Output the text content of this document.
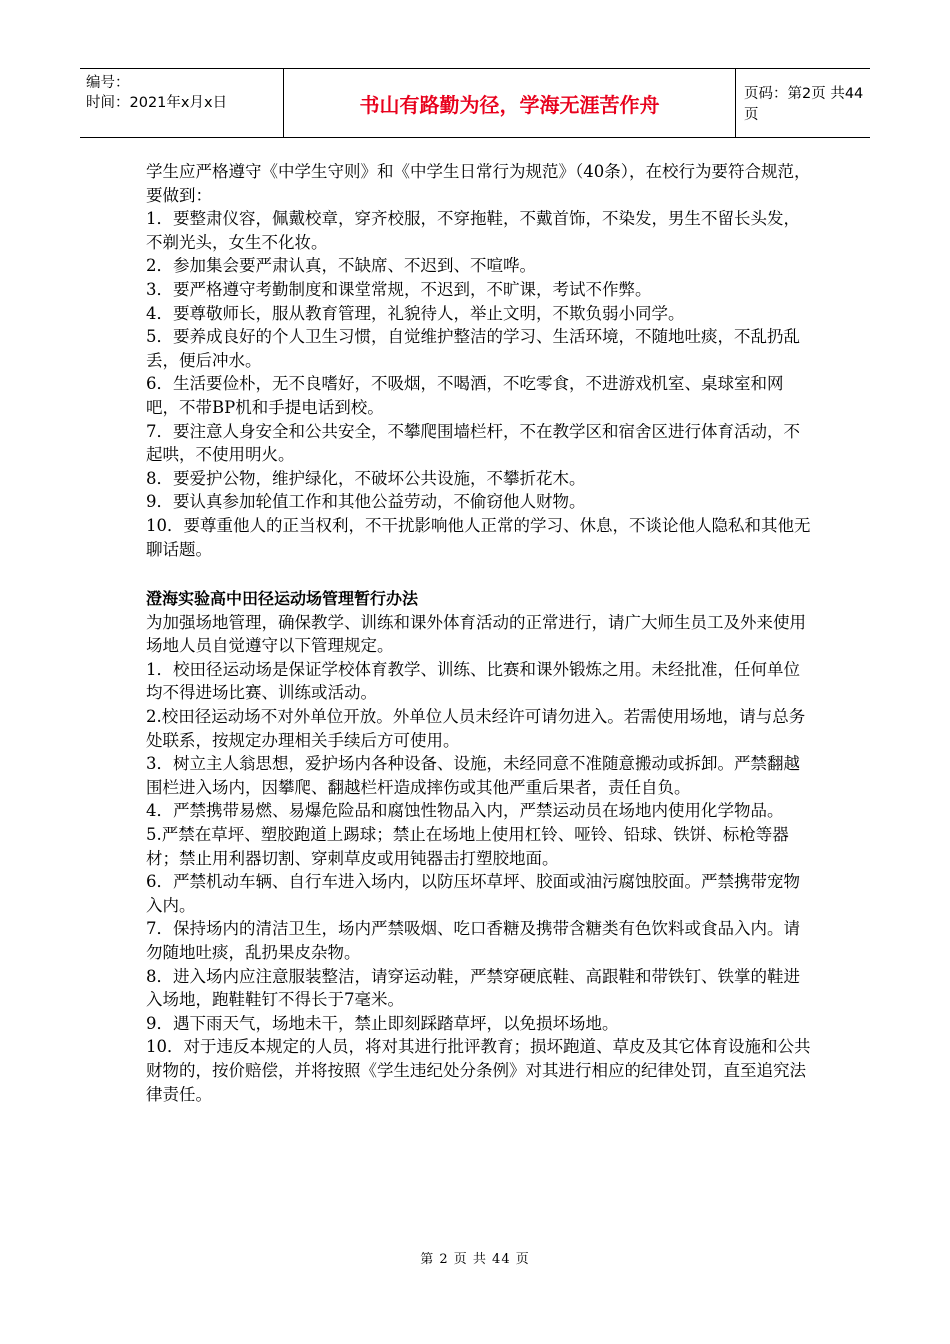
编号：
时间：2021年x月x日	书山有路勤为径，学海无涯苦作舟	页码：第2页 共44页

学生应严格遵守《中学生守则》和《中学生日常行为规范》（40条），在校行为要符合规范，要做到：

1．要整肃仪容，佩戴校章，穿齐校服，不穿拖鞋，不戴首饰，不染发，男生不留长头发，不剃光头，女生不化妆。

2．参加集会要严肃认真，不缺席、不迟到、不喧哗。

3．要严格遵守考勤制度和课堂常规，不迟到，不旷课，考试不作弊。

4．要尊敬师长，服从教育管理，礼貌待人，举止文明，不欺负弱小同学。

5．要养成良好的个人卫生习惯，自觉维护整洁的学习、生活环境，不随地吐痰，不乱扔乱丢，便后冲水。

6．生活要俭朴，无不良嗜好，不吸烟，不喝酒，不吃零食，不进游戏机室、桌球室和网吧，不带BP机和手提电话到校。

7．要注意人身安全和公共安全，不攀爬围墙栏杆，不在教学区和宿舍区进行体育活动，不起哄，不使用明火。

8．要爱护公物，维护绿化，不破坏公共设施，不攀折花木。

9．要认真参加轮值工作和其他公益劳动，不偷窃他人财物。

10．要尊重他人的正当权利，不干扰影响他人正常的学习、休息，不谈论他人隐私和其他无聊话题。

澄海实验高中田径运动场管理暂行办法

为加强场地管理，确保教学、训练和课外体育活动的正常进行，请广大师生员工及外来使用场地人员自觉遵守以下管理规定。

1．校田径运动场是保证学校体育教学、训练、比赛和课外锻炼之用。未经批准，任何单位均不得进场比赛、训练或活动。

2.校田径运动场不对外单位开放。外单位人员未经许可请勿进入。若需使用场地，请与总务处联系，按规定办理相关手续后方可使用。

3．树立主人翁思想，爱护场内各种设备、设施，未经同意不准随意搬动或拆卸。严禁翻越围栏进入场内，因攀爬、翻越栏杆造成摔伤或其他严重后果者，责任自负。

4．严禁携带易燃、易爆危险品和腐蚀性物品入内，严禁运动员在场地内使用化学物品。

5.严禁在草坪、塑胶跑道上踢球；禁止在场地上使用杠铃、哑铃、铅球、铁饼、标枪等器材；禁止用利器切割、穿刺草皮或用钝器击打塑胶地面。

6．严禁机动车辆、自行车进入场内，以防压坏草坪、胶面或油污腐蚀胶面。严禁携带宠物入内。

7．保持场内的清洁卫生，场内严禁吸烟、吃口香糖及携带含糖类有色饮料或食品入内。请勿随地吐痰，乱扔果皮杂物。

8．进入场内应注意服装整洁，请穿运动鞋，严禁穿硬底鞋、高跟鞋和带铁钉、铁掌的鞋进入场地，跑鞋鞋钉不得长于7毫米。

9．遇下雨天气，场地未干，禁止即刻踩踏草坪，以免损坏场地。

10．对于违反本规定的人员，将对其进行批评教育；损坏跑道、草皮及其它体育设施和公共财物的，按价赔偿，并将按照《学生违纪处分条例》对其进行相应的纪律处罚，直至追究法律责任。

第 2 页 共 44 页
